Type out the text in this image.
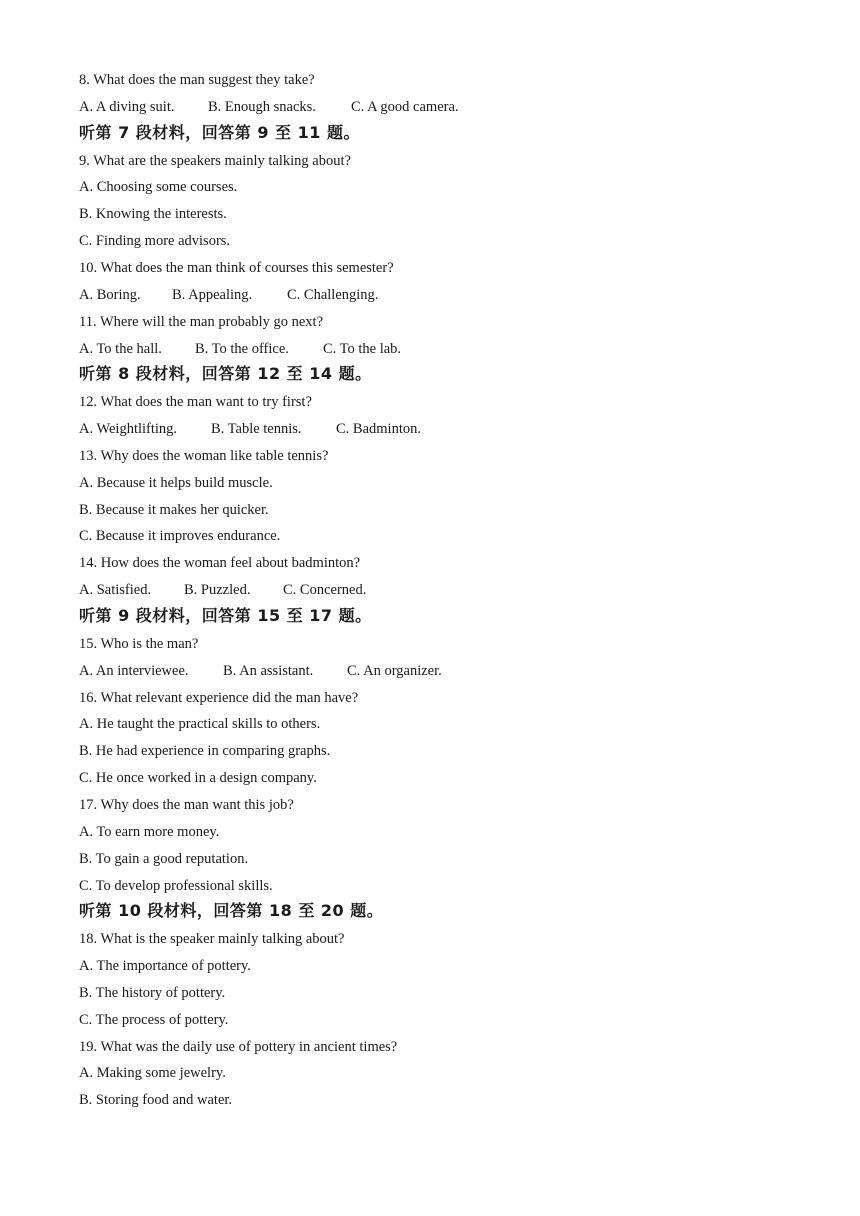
8. What does the man suggest they take?
A. A diving suit. B. Enough snacks. C. A good camera.
听第 7 段材料，回答第 9 至 11 题。
9. What are the speakers mainly talking about?
A. Choosing some courses.
B. Knowing the interests.
C. Finding more advisors.
10. What does the man think of courses this semester?
A. Boring. B. Appealing. C. Challenging.
11. Where will the man probably go next?
A. To the hall. B. To the office. C. To the lab.
听第 8 段材料，回答第 12 至 14 题。
12. What does the man want to try first?
A. Weightlifting. B. Table tennis. C. Badminton.
13. Why does the woman like table tennis?
A. Because it helps build muscle.
B. Because it makes her quicker.
C. Because it improves endurance.
14. How does the woman feel about badminton?
A. Satisfied. B. Puzzled. C. Concerned.
听第 9 段材料，回答第 15 至 17 题。
15. Who is the man?
A. An interviewee. B. An assistant. C. An organizer.
16. What relevant experience did the man have?
A. He taught the practical skills to others.
B. He had experience in comparing graphs.
C. He once worked in a design company.
17. Why does the man want this job?
A. To earn more money.
B. To gain a good reputation.
C. To develop professional skills.
听第 10 段材料，回答第 18 至 20 题。
18. What is the speaker mainly talking about?
A. The importance of pottery.
B. The history of pottery.
C. The process of pottery.
19. What was the daily use of pottery in ancient times?
A. Making some jewelry.
B. Storing food and water.
